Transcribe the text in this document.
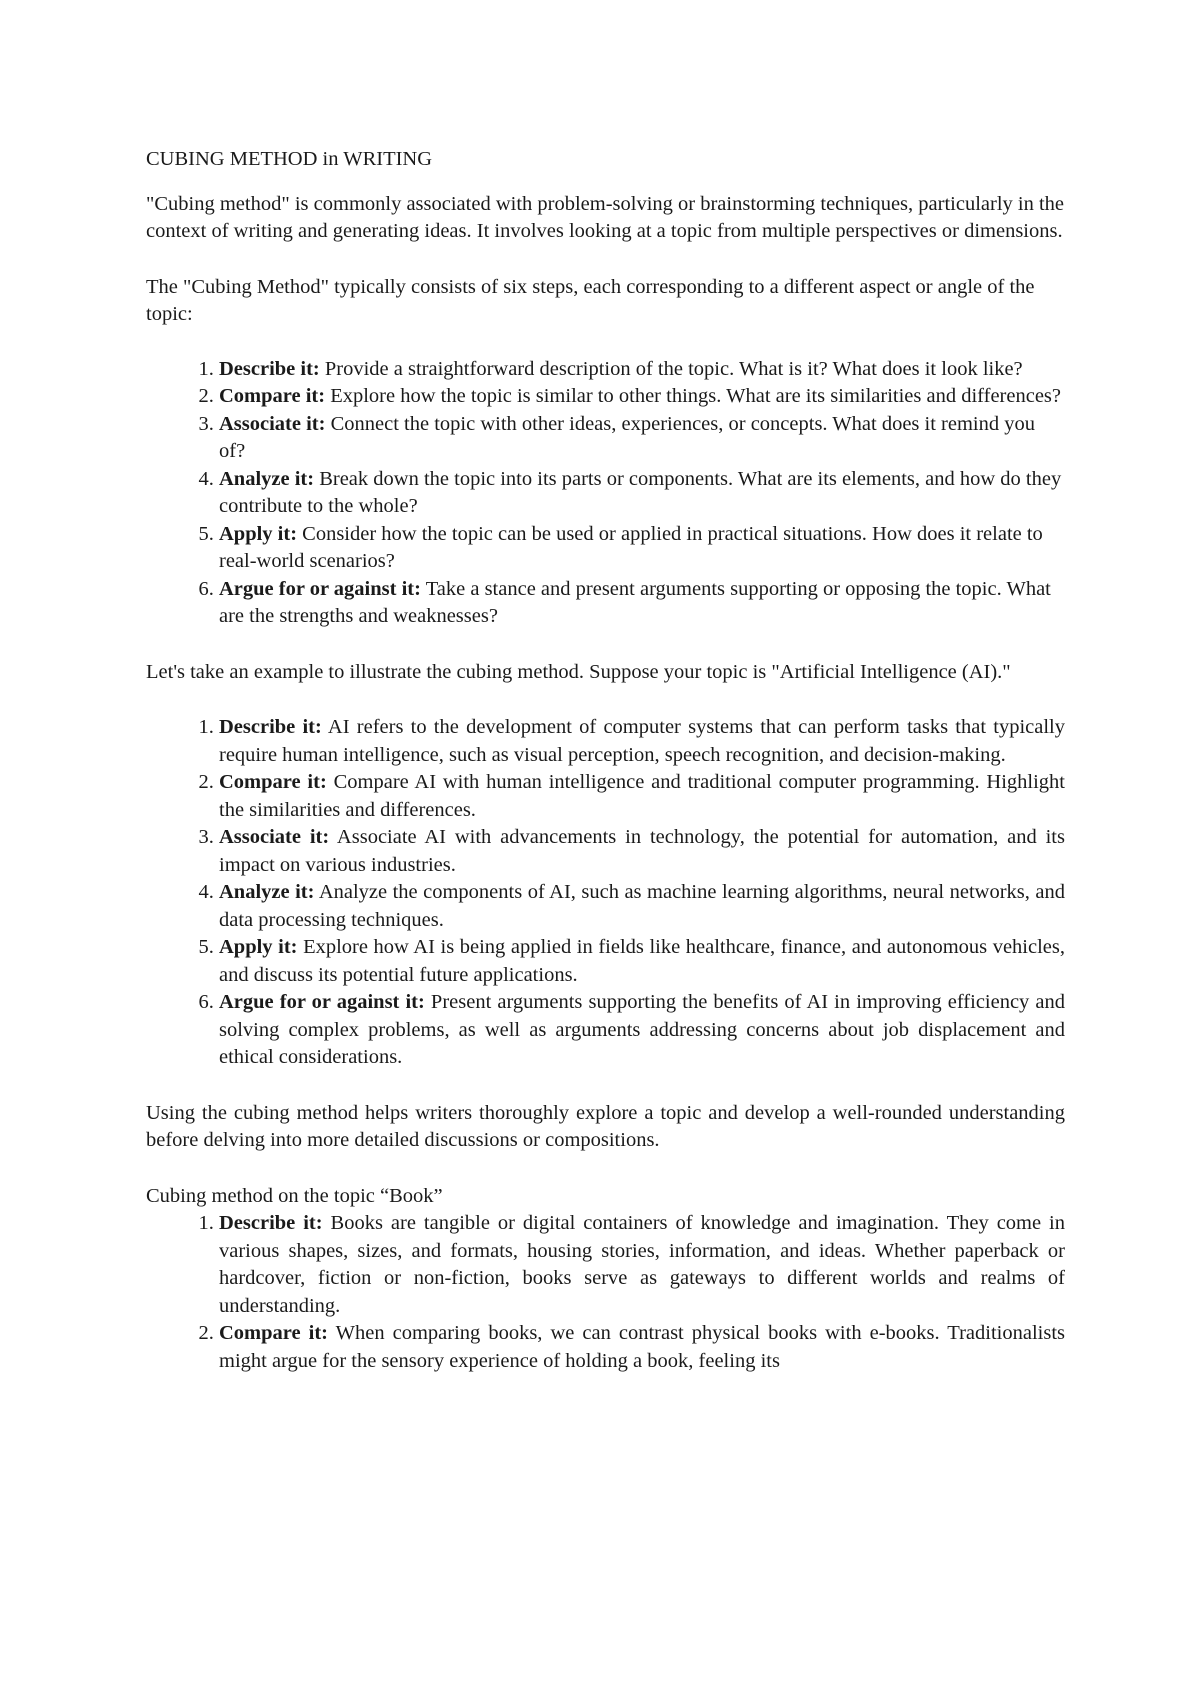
CUBING METHOD in WRITING

"Cubing method" is commonly associated with problem-solving or brainstorming techniques, particularly in the context of writing and generating ideas. It involves looking at a topic from multiple perspectives or dimensions.

The "Cubing Method" typically consists of six steps, each corresponding to a different aspect or angle of the topic:

1. Describe it: Provide a straightforward description of the topic. What is it? What does it look like?
2. Compare it: Explore how the topic is similar to other things. What are its similarities and differences?
3. Associate it: Connect the topic with other ideas, experiences, or concepts. What does it remind you of?
4. Analyze it: Break down the topic into its parts or components. What are its elements, and how do they contribute to the whole?
5. Apply it: Consider how the topic can be used or applied in practical situations. How does it relate to real-world scenarios?
6. Argue for or against it: Take a stance and present arguments supporting or opposing the topic. What are the strengths and weaknesses?

Let's take an example to illustrate the cubing method. Suppose your topic is "Artificial Intelligence (AI)."

1. Describe it: AI refers to the development of computer systems that can perform tasks that typically require human intelligence, such as visual perception, speech recognition, and decision-making.
2. Compare it: Compare AI with human intelligence and traditional computer programming. Highlight the similarities and differences.
3. Associate it: Associate AI with advancements in technology, the potential for automation, and its impact on various industries.
4. Analyze it: Analyze the components of AI, such as machine learning algorithms, neural networks, and data processing techniques.
5. Apply it: Explore how AI is being applied in fields like healthcare, finance, and autonomous vehicles, and discuss its potential future applications.
6. Argue for or against it: Present arguments supporting the benefits of AI in improving efficiency and solving complex problems, as well as arguments addressing concerns about job displacement and ethical considerations.

Using the cubing method helps writers thoroughly explore a topic and develop a well-rounded understanding before delving into more detailed discussions or compositions.

Cubing method on the topic “Book”

1. Describe it: Books are tangible or digital containers of knowledge and imagination. They come in various shapes, sizes, and formats, housing stories, information, and ideas. Whether paperback or hardcover, fiction or non-fiction, books serve as gateways to different worlds and realms of understanding.
2. Compare it: When comparing books, we can contrast physical books with e-books. Traditionalists might argue for the sensory experience of holding a book, feeling its
